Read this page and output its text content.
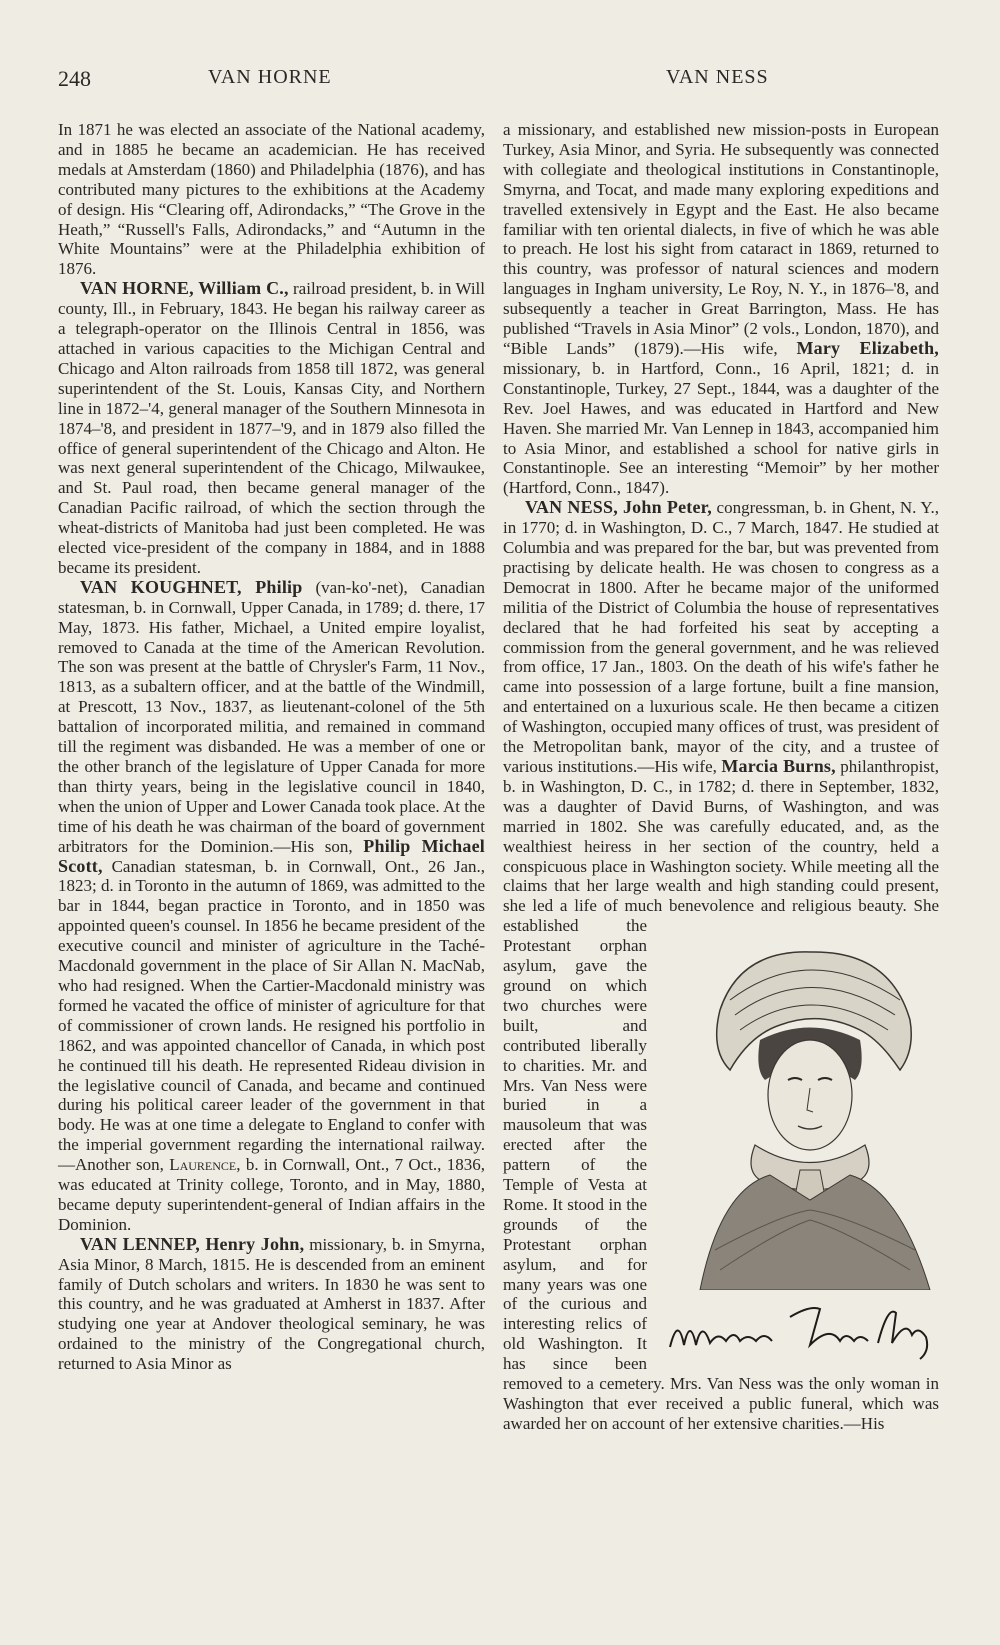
248	VAN HORNE	VAN NESS

In 1871 he was elected an associate of the National academy, and in 1885 he became an academician. He has received medals at Amsterdam (1860) and Philadelphia (1876), and has contributed many pictures to the exhibitions at the Academy of design. His “Clearing off, Adirondacks,” “The Grove in the Heath,” “Russell's Falls, Adirondacks,” and “Autumn in the White Mountains” were at the Philadelphia exhibition of 1876.

VAN HORNE, William C., railroad president, b. in Will county, Ill., in February, 1843. He began his railway career as a telegraph-operator on the Illinois Central in 1856, was attached in various capacities to the Michigan Central and Chicago and Alton railroads from 1858 till 1872, was general superintendent of the St. Louis, Kansas City, and Northern line in 1872–'4, general manager of the Southern Minnesota in 1874–'8, and president in 1877–'9, and in 1879 also filled the office of general superintendent of the Chicago and Alton. He was next general superintendent of the Chicago, Milwaukee, and St. Paul road, then became general manager of the Canadian Pacific railroad, of which the section through the wheat-districts of Manitoba had just been completed. He was elected vice-president of the company in 1884, and in 1888 became its president.

VAN KOUGHNET, Philip (van-ko'-net), Canadian statesman, b. in Cornwall, Upper Canada, in 1789; d. there, 17 May, 1873. His father, Michael, a United empire loyalist, removed to Canada at the time of the American Revolution. The son was present at the battle of Chrysler's Farm, 11 Nov., 1813, as a subaltern officer, and at the battle of the Windmill, at Prescott, 13 Nov., 1837, as lieutenant-colonel of the 5th battalion of incorporated militia, and remained in command till the regiment was disbanded. He was a member of one or the other branch of the legislature of Upper Canada for more than thirty years, being in the legislative council in 1840, when the union of Upper and Lower Canada took place. At the time of his death he was chairman of the board of government arbitrators for the Dominion.—His son, Philip Michael Scott, Canadian statesman, b. in Cornwall, Ont., 26 Jan., 1823; d. in Toronto in the autumn of 1869, was admitted to the bar in 1844, began practice in Toronto, and in 1850 was appointed queen's counsel. In 1856 he became president of the executive council and minister of agriculture in the Taché-Macdonald government in the place of Sir Allan N. MacNab, who had resigned. When the Cartier-Macdonald ministry was formed he vacated the office of minister of agriculture for that of commissioner of crown lands. He resigned his portfolio in 1862, and was appointed chancellor of Canada, in which post he continued till his death. He represented Rideau division in the legislative council of Canada, and became and continued during his political career leader of the government in that body. He was at one time a delegate to England to confer with the imperial government regarding the international railway.—Another son, Laurence, b. in Cornwall, Ont., 7 Oct., 1836, was educated at Trinity college, Toronto, and in May, 1880, became deputy superintendent-general of Indian affairs in the Dominion.

VAN LENNEP, Henry John, missionary, b. in Smyrna, Asia Minor, 8 March, 1815. He is descended from an eminent family of Dutch scholars and writers. In 1830 he was sent to this country, and he was graduated at Amherst in 1837. After studying one year at Andover theological seminary, he was ordained to the ministry of the Congregational church, returned to Asia Minor as

a missionary, and established new mission-posts in European Turkey, Asia Minor, and Syria. He subsequently was connected with collegiate and theological institutions in Constantinople, Smyrna, and Tocat, and made many exploring expeditions and travelled extensively in Egypt and the East. He also became familiar with ten oriental dialects, in five of which he was able to preach. He lost his sight from cataract in 1869, returned to this country, was professor of natural sciences and modern languages in Ingham university, Le Roy, N. Y., in 1876–'8, and subsequently a teacher in Great Barrington, Mass. He has published “Travels in Asia Minor” (2 vols., London, 1870), and “Bible Lands” (1879).—His wife, Mary Elizabeth, missionary, b. in Hartford, Conn., 16 April, 1821; d. in Constantinople, Turkey, 27 Sept., 1844, was a daughter of the Rev. Joel Hawes, and was educated in Hartford and New Haven. She married Mr. Van Lennep in 1843, accompanied him to Asia Minor, and established a school for native girls in Constantinople. See an interesting “Memoir” by her mother (Hartford, Conn., 1847).

VAN NESS, John Peter, congressman, b. in Ghent, N. Y., in 1770; d. in Washington, D. C., 7 March, 1847. He studied at Columbia and was prepared for the bar, but was prevented from practising by delicate health. He was chosen to congress as a Democrat in 1800. After he became major of the uniformed militia of the District of Columbia the house of representatives declared that he had forfeited his seat by accepting a commission from the general government, and he was relieved from office, 17 Jan., 1803. On the death of his wife's father he came into possession of a large fortune, built a fine mansion, and entertained on a luxurious scale. He then became a citizen of Washington, occupied many offices of trust, was president of the Metropolitan bank, mayor of the city, and a trustee of various institutions.—His wife, Marcia Burns, philanthropist, b. in Washington, D. C., in 1782; d. there in September, 1832, was a daughter of David Burns, of Washington, and was married in 1802. She was carefully educated, and, as the wealthiest heiress in her section of the country, held a conspicuous place in Washington society. While meeting all the claims that her large wealth and high standing could present, she led a life of much benevolence and religious beauty. She established the Protestant orphan asylum, gave the ground on which two churches were built, and contributed liberally to charities. Mr. and Mrs. Van Ness were buried in a mausoleum that was erected after the pattern of the Temple of Vesta at Rome. It stood in the grounds of the Protestant orphan asylum, and for many years was one of the curious and interesting relics of old Washington. It has since been removed to a cemetery. Mrs. Van Ness was the only woman in Washington that ever received a public funeral, which was awarded her on account of her extensive charities.—His
